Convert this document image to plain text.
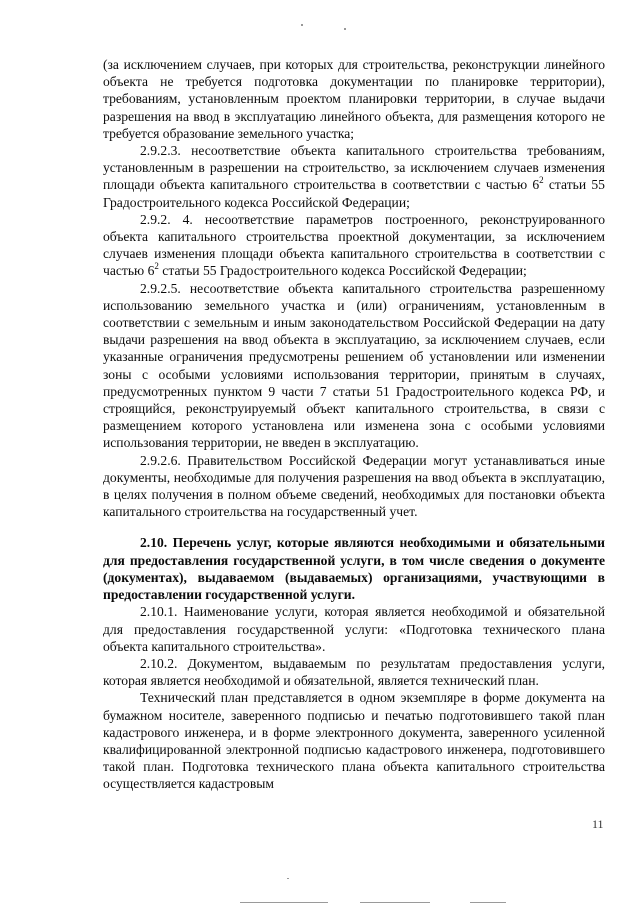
(за исключением случаев, при которых для строительства, реконструкции линейного объекта не требуется подготовка документации по планировке территории), требованиям, установленным проектом планировки территории, в случае выдачи разрешения на ввод в эксплуатацию линейного объекта, для размещения которого не требуется образование земельного участка;

2.9.2.3. несоответствие объекта капитального строительства требованиям, установленным в разрешении на строительство, за исключением случаев изменения площади объекта капитального строительства в соответствии с частью $6^2$ статьи 55 Градостроительного кодекса Российской Федерации;

2.9.2. 4. несоответствие параметров построенного, реконструированного объекта капитального строительства проектной документации, за исключением случаев изменения площади объекта капитального строительства в соответствии с частью $6^2$ статьи 55 Градостроительного кодекса Российской Федерации;

2.9.2.5. несоответствие объекта капитального строительства разрешенному использованию земельного участка и (или) ограничениям, установленным в соответствии с земельным и иным законодательством Российской Федерации на дату выдачи разрешения на ввод объекта в эксплуатацию, за исключением случаев, если указанные ограничения предусмотрены решением об установлении или изменении зоны с особыми условиями использования территории, принятым в случаях, предусмотренных пунктом 9 части 7 статьи 51 Градостроительного кодекса РФ, и строящийся, реконструируемый объект капитального строительства, в связи с размещением которого установлена или изменена зона с особыми условиями использования территории, не введен в эксплуатацию.

2.9.2.6. Правительством Российской Федерации могут устанавливаться иные документы, необходимые для получения разрешения на ввод объекта в эксплуатацию, в целях получения в полном объеме сведений, необходимых для постановки объекта капитального строительства на государственный учет.

2.10. Перечень услуг, которые являются необходимыми и обязательными для предоставления государственной услуги, в том числе сведения о документе (документах), выдаваемом (выдаваемых) организациями, участвующими в предоставлении государственной услуги.

2.10.1. Наименование услуги, которая является необходимой и обязательной для предоставления государственной услуги: «Подготовка технического плана объекта капитального строительства».

2.10.2. Документом, выдаваемым по результатам предоставления услуги, которая является необходимой и обязательной, является технический план.

Технический план представляется в одном экземпляре в форме документа на бумажном носителе, заверенного подписью и печатью подготовившего такой план кадастрового инженера, и в форме электронного документа, заверенного усиленной квалифицированной электронной подписью кадастрового инженера, подготовившего такой план. Подготовка технического плана объекта капитального строительства осуществляется кадастровым

11
